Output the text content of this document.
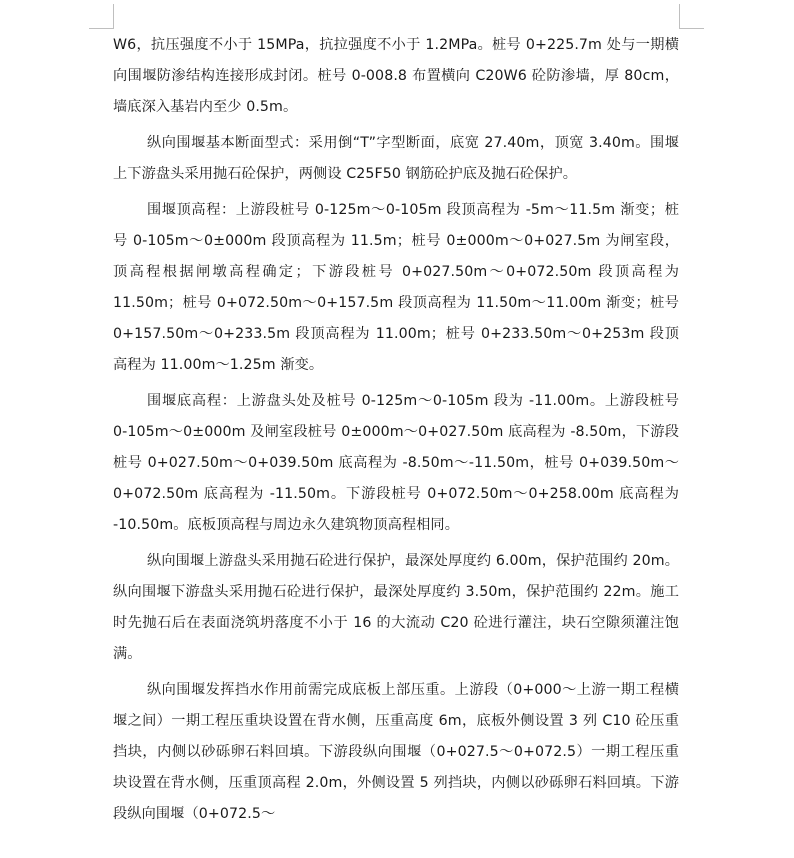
W6，抗压强度不小于 15MPa，抗拉强度不小于 1.2MPa。桩号 0+225.7m 处与一期横向围堰防渗结构连接形成封闭。桩号 0-008.8 布置横向 C20W6 砼防渗墙，厚 80cm，墙底深入基岩内至少 0.5m。

纵向围堰基本断面型式：采用倒“T”字型断面，底宽 27.40m，顶宽 3.40m。围堰上下游盘头采用抛石砼保护，两侧设 C25F50 钢筋砼护底及抛石砼保护。

围堰顶高程：上游段桩号 0-125m～0-105m 段顶高程为 -5m～11.5m 渐变；桩号 0-105m～0±000m 段顶高程为 11.5m；桩号 0±000m～0+027.5m 为闸室段，顶高程根据闸墩高程确定；下游段桩号 0+027.50m～0+072.50m 段顶高程为 11.50m；桩号 0+072.50m～0+157.5m 段顶高程为 11.50m～11.00m 渐变；桩号 0+157.50m～0+233.5m 段顶高程为 11.00m；桩号 0+233.50m～0+253m 段顶高程为 11.00m～1.25m 渐变。

围堰底高程：上游盘头处及桩号 0-125m～0-105m 段为 -11.00m。上游段桩号 0-105m～0±000m 及闸室段桩号 0±000m～0+027.50m 底高程为 -8.50m，下游段桩号 0+027.50m～0+039.50m 底高程为 -8.50m～-11.50m，桩号 0+039.50m～0+072.50m 底高程为 -11.50m。下游段桩号 0+072.50m～0+258.00m 底高程为 -10.50m。底板顶高程与周边永久建筑物顶高程相同。

纵向围堰上游盘头采用抛石砼进行保护，最深处厚度约 6.00m，保护范围约 20m。纵向围堰下游盘头采用抛石砼进行保护，最深处厚度约 3.50m，保护范围约 22m。施工时先抛石后在表面浇筑坍落度不小于 16 的大流动 C20 砼进行灌注，块石空隙须灌注饱满。

纵向围堰发挥挡水作用前需完成底板上部压重。上游段（0+000～上游一期工程横堰之间）一期工程压重块设置在背水侧，压重高度 6m，底板外侧设置 3 列 C10 砼压重挡块，内侧以砂砾卵石料回填。下游段纵向围堰（0+027.5～0+072.5）一期工程压重块设置在背水侧，压重顶高程 2.0m，外侧设置 5 列挡块，内侧以砂砾卵石料回填。下游段纵向围堰（0+072.5～
